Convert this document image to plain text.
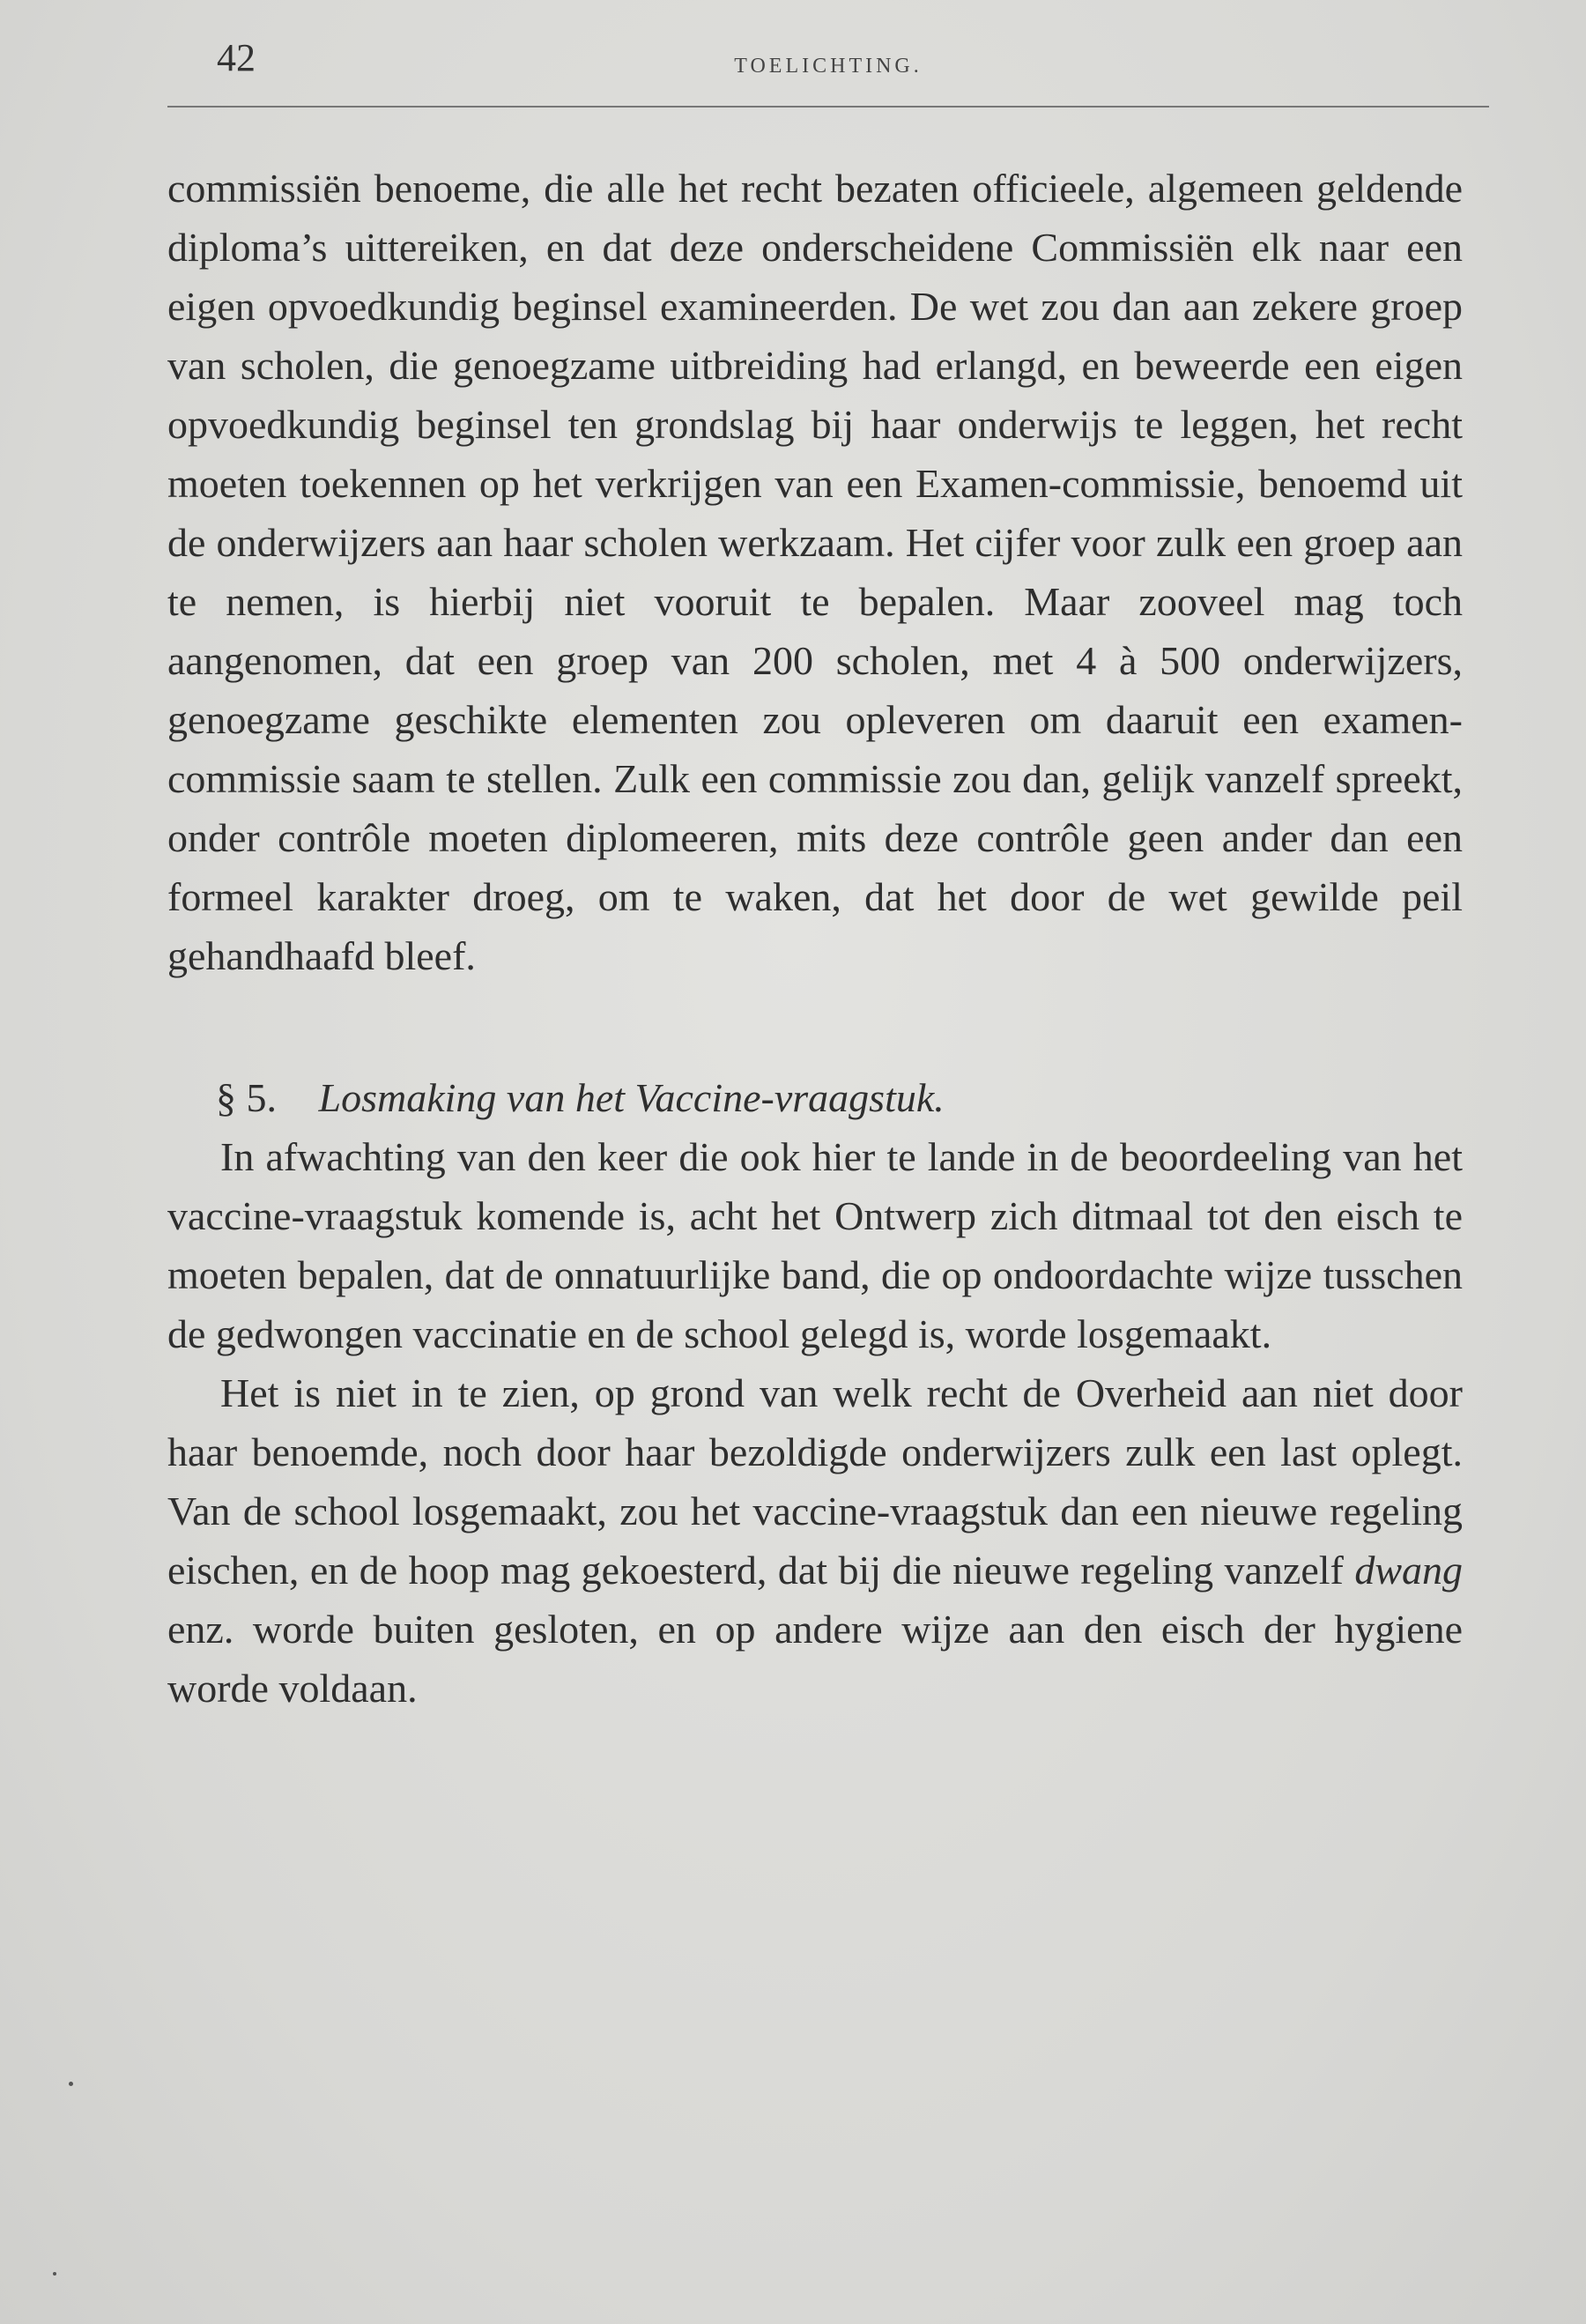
42	TOELICHTING.

commissiën benoeme, die alle het recht bezaten officieele, algemeen geldende diploma’s uittereiken, en dat deze onderscheidene Commissiën elk naar een eigen opvoedkundig beginsel examineerden. De wet zou dan aan zekere groep van scholen, die genoegzame uitbreiding had erlangd, en beweerde een eigen opvoedkundig beginsel ten grondslag bij haar onderwijs te leggen, het recht moeten toekennen op het verkrijgen van een Examen-commissie, benoemd uit de onderwijzers aan haar scholen werkzaam. Het cijfer voor zulk een groep aan te nemen, is hierbij niet vooruit te bepalen. Maar zooveel mag toch aangenomen, dat een groep van 200 scholen, met 4 à 500 onderwijzers, genoegzame geschikte elementen zou opleveren om daaruit een examen-commissie saam te stellen. Zulk een commissie zou dan, gelijk vanzelf spreekt, onder contrôle moeten diplomeeren, mits deze contrôle geen ander dan een formeel karakter droeg, om te waken, dat het door de wet gewilde peil gehandhaafd bleef.

§ 5. Losmaking van het Vaccine-vraagstuk.

In afwachting van den keer die ook hier te lande in de beoordeeling van het vaccine-vraagstuk komende is, acht het Ontwerp zich ditmaal tot den eisch te moeten bepalen, dat de onnatuurlijke band, die op ondoordachte wijze tusschen de gedwongen vaccinatie en de school gelegd is, worde losgemaakt.

Het is niet in te zien, op grond van welk recht de Overheid aan niet door haar benoemde, noch door haar bezoldigde onderwijzers zulk een last oplegt. Van de school losgemaakt, zou het vaccine-vraagstuk dan een nieuwe regeling eischen, en de hoop mag gekoesterd, dat bij die nieuwe regeling vanzelf dwang enz. worde buiten gesloten, en op andere wijze aan den eisch der hygiene worde voldaan.
